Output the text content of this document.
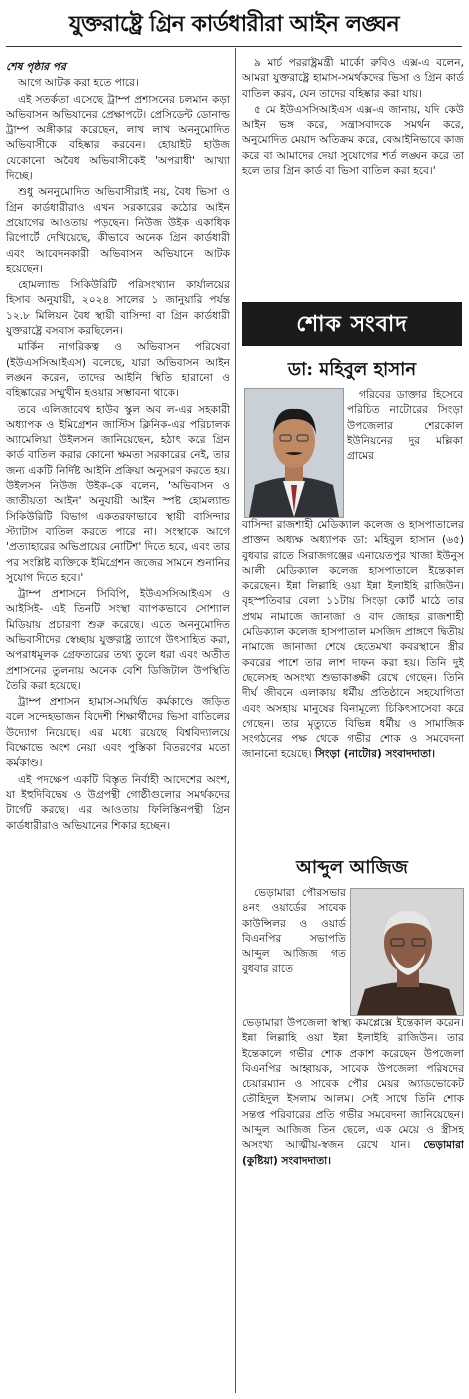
যুক্তরাষ্ট্রে গ্রিন কার্ডধারীরা আইন লঙ্ঘন

শেষ পৃষ্ঠার পর

আগে আটক করা হতে পারে।

এই সতর্কতা এসেছে ট্রাম্প প্রশাসনের চলমান কড়া অভিবাসন অভিযানের প্রেক্ষাপটে। প্রেসিডেন্ট ডোনাল্ড ট্রাম্প অঙ্গীকার করেছেন, লাখ লাখ অননুমোদিত অভিবাসীকে বহিষ্কার করবেন। হোয়াইট হাউজ যেকোনো অবৈধ অভিবাসীকেই 'অপরাধী' আখ্যা দিচ্ছে।

শুধু অননুমোদিত অভিবাসীরাই নয়, বৈধ ভিসা ও গ্রিন কার্ডধারীরাও এখন সরকারের কঠোর আইন প্রয়োগের আওতায় পড়ছেন। নিউজ উইক একাধিক রিপোর্টে দেখিয়েছে, কীভাবে অনেক গ্রিন কার্ডধারী এবং আবেদনকারী অভিবাসন অভিযানে আটক হয়েছেন।

হোমল্যান্ড সিকিউরিটি পরিসংখ্যান কার্যালয়ের হিসাব অনুযায়ী, ২০২৪ সালের ১ জানুয়ারি পর্যন্ত ১২.৮ মিলিয়ন বৈধ স্থায়ী বাসিন্দা বা গ্রিন কার্ডধারী যুক্তরাষ্ট্রে বসবাস করছিলেন।

মার্কিন নাগরিকত্ব ও অভিবাসন পরিষেবা (ইউএসসিআইএস) বলেছে, যারা অভিবাসন আইন লঙ্ঘন করেন, তাদের আইনি স্থিতি হারানো ও বহিষ্কারের সম্মুখীন হওয়ার সম্ভাবনা থাকে।

তবে এলিজাবেথ হাউব স্কুল অব ল-এর সহকারী অধ্যাপক ও ইমিগ্রেশন জাস্টিস ক্লিনিক-এর পরিচালক অ্যামেলিয়া উইলসন জানিয়েছেন, হঠাৎ করে গ্রিন কার্ড বাতিল করার কোনো ক্ষমতা সরকারের নেই, তার জন্য একটি নির্দিষ্ট আইনি প্রক্রিয়া অনুসরণ করতে হয়। উইলসন নিউজ উইক-কে বলেন, 'অভিবাসন ও জাতীয়তা আইন' অনুযায়ী আইন স্পষ্ট হোমল্যান্ড সিকিউরিটি বিভাগ একতরফাভাবে স্থায়ী বাসিন্দার স্ট্যাটাস বাতিল করতে পারে না। সংস্থাকে আগে 'প্রত্যাহারের অভিপ্রায়ের নোটিশ' দিতে হবে, এবং তার পর সংশ্লিষ্ট ব্যক্তিকে ইমিগ্রেশন জজের সামনে শুনানির সুযোগ দিতে হবে।'

ট্রাম্প প্রশাসনে সিবিপি, ইউএসসিআইএস ও আইসিই- এই তিনটি সংস্থা ব্যাপকভাবে সোশ্যাল মিডিয়ায় প্রচারণা শুরু করেছে। এতে অননুমোদিত অভিবাসীদের স্বেচ্ছায় যুক্তরাষ্ট্র ত্যাগে উৎসাহিত করা, অপরাধমূলক গ্রেফতারের তথ্য তুলে ধরা এবং অতীত প্রশাসনের তুলনায় অনেক বেশি ডিজিটাল উপস্থিতি তৈরি করা হয়েছে।

ট্রাম্প প্রশাসন হামাস-সমর্থিত কর্মকাণ্ডে জড়িত বলে সন্দেহভাজন বিদেশী শিক্ষার্থীদের ভিসা বাতিলের উদ্যোগ নিয়েছে। এর মধ্যে রয়েছে বিশ্ববিদ্যালয়ে বিক্ষোভে অংশ নেয়া এবং পুস্তিকা বিতরণের মতো কর্মকাণ্ড।

এই পদক্ষেপ একটি বিস্তৃত নির্বাহী আদেশের অংশ, যা ইহুদিবিদ্বেষ ও উগ্রপন্থী গোষ্ঠীগুলোর সমর্থকদের টার্গেট করছে। এর আওতায় ফিলিস্তিনপন্থী গ্রিন কার্ডধারীরাও অভিযানের শিকার হচ্ছেন।

৯ মার্চ পররাষ্ট্রমন্ত্রী মার্কো রুবিও এক্স-এ বলেন, আমরা যুক্তরাষ্ট্রে হামাস-সমর্থকদের ভিসা ও গ্রিন কার্ড বাতিল করব, যেন তাদের বহিষ্কার করা যায়।

৫ মে ইউএসসিআইএস এক্স-এ জানায়, যদি কেউ আইন ভঙ্গ করে, সন্ত্রাসবাদকে সমর্থন করে, অনুমোদিত মেয়াদ অতিক্রম করে, বেআইনিভাবে কাজ করে বা আমাদের দেয়া সুযোগের শর্ত লঙ্ঘন করে তা হলে তার গ্রিন কার্ড বা ভিসা বাতিল করা হবে।'

শোক সংবাদ
ডা: মহিবুল হাসান

গরিবের ডাক্তার হিসেবে পরিচিত নাটোরের সিংড়া উপজেলার শেরকোল ইউনিয়নের দুর মল্লিকা গ্রামের

বাসিন্দা রাজশাহী মেডিক্যাল কলেজ ও হাসপাতালের প্রাক্তন অধ্যক্ষ অধ্যাপক ডা: মহিবুল হাসান (৬৫) বুধবার রাতে সিরাজগঞ্জের এনায়েতপুর খাজা ইউনুস আলী মেডিক্যাল কলেজ হাসপাতালে ইন্তেকাল করেছেন। ইন্না লিল্লাহি ওয়া ইন্না ইলাইহি রাজিউন। বৃহস্পতিবার বেলা ১১টায় সিংড়া কোর্ট মাঠে তার প্রথম নামাজে জানাজা ও বাদ জোহর রাজশাহী মেডিক্যাল কলেজ হাসপাতাল মসজিদ প্রাঙ্গণে দ্বিতীয় নামাজে জানাজা শেষে হেতেমখা কবরস্থানে স্ত্রীর কবরের পাশে তার লাশ দাফন করা হয়। তিনি দুই ছেলেসহ অসংখ্য শুভাকাঙ্ক্ষী রেখে গেছেন। তিনি দীর্ঘ জীবনে এলাকায় ধর্মীয় প্রতিষ্ঠানে সহযোগিতা এবং অসহায় মানুষের বিনামূল্যে চিকিৎসাসেবা করে গেছেন। তার মৃত্যুতে বিভিন্ন ধর্মীয় ও সামাজিক সংগঠনের পক্ষ থেকে গভীর শোক ও সমবেদনা জানানো হয়েছে। সিংড়া (নাটোর) সংবাদদাতা।

আব্দুল আজিজ

ভেড়ামারা পৌরসভার ৪নং ওয়ার্ডের সাবেক কাউন্সিলর ও ওয়ার্ড বিএনপির সভাপতি আব্দুল আজিজ গত বুধবার রাতে

ভেড়ামারা উপজেলা স্বাস্থ্য কমপ্লেক্সে ইন্তেকাল করেন। ইন্না লিল্লাহি ওয়া ইন্না ইলাইহি রাজিউন। তার ইন্তেকালে গভীর শোক প্রকাশ করেছেন উপজেলা বিএনপির আহ্বায়ক, সাবেক উপজেলা পরিষদের চেয়ারম্যান ও সাবেক পৌর মেয়র অ্যাডভোকেট তৌহিদুল ইসলাম আলম। সেই সাথে তিনি শোক সন্তপ্ত পরিবারের প্রতি গভীর সমবেদনা জানিয়েছেন। আব্দুল আজিজ তিন ছেলে, এক মেয়ে ও স্ত্রীসহ অসংখ্য আত্মীয়-স্বজন রেখে যান। ভেড়ামারা (কুষ্টিয়া) সংবাদদাতা।
